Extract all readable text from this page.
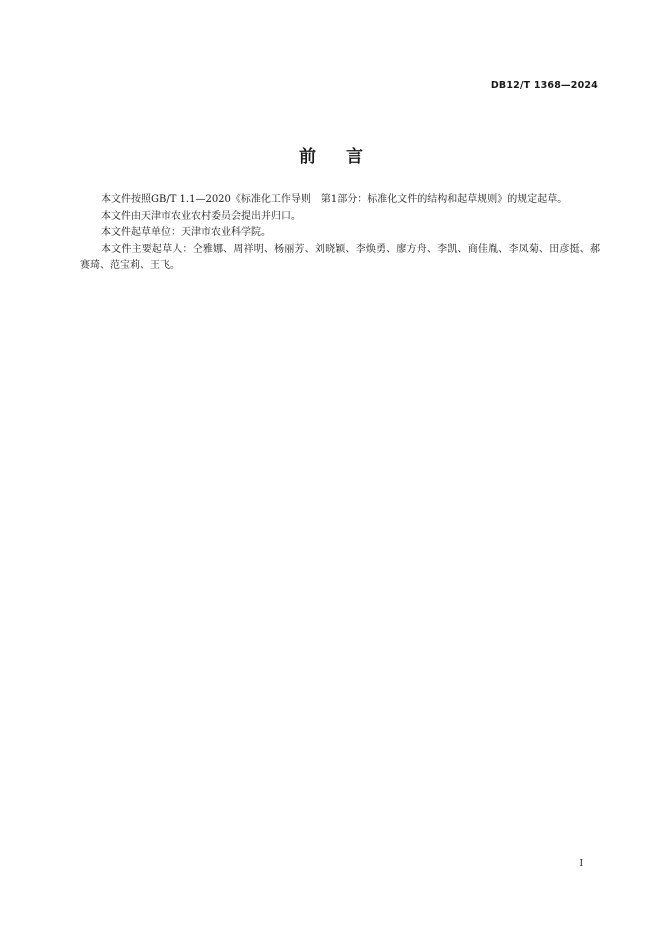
DB12/T 1368—2024
前 言

本文件按照GB/T 1.1—2020《标准化工作导则　第1部分：标准化文件的结构和起草规则》的规定起草。

本文件由天津市农业农村委员会提出并归口。

本文件起草单位：天津市农业科学院。

本文件主要起草人：仝雅娜、周祥明、杨丽芳、刘晓颖、李焕勇、廖方舟、李凯、商佳胤、李凤菊、田彦挺、郝赛琦、范宝莉、王飞。

I
